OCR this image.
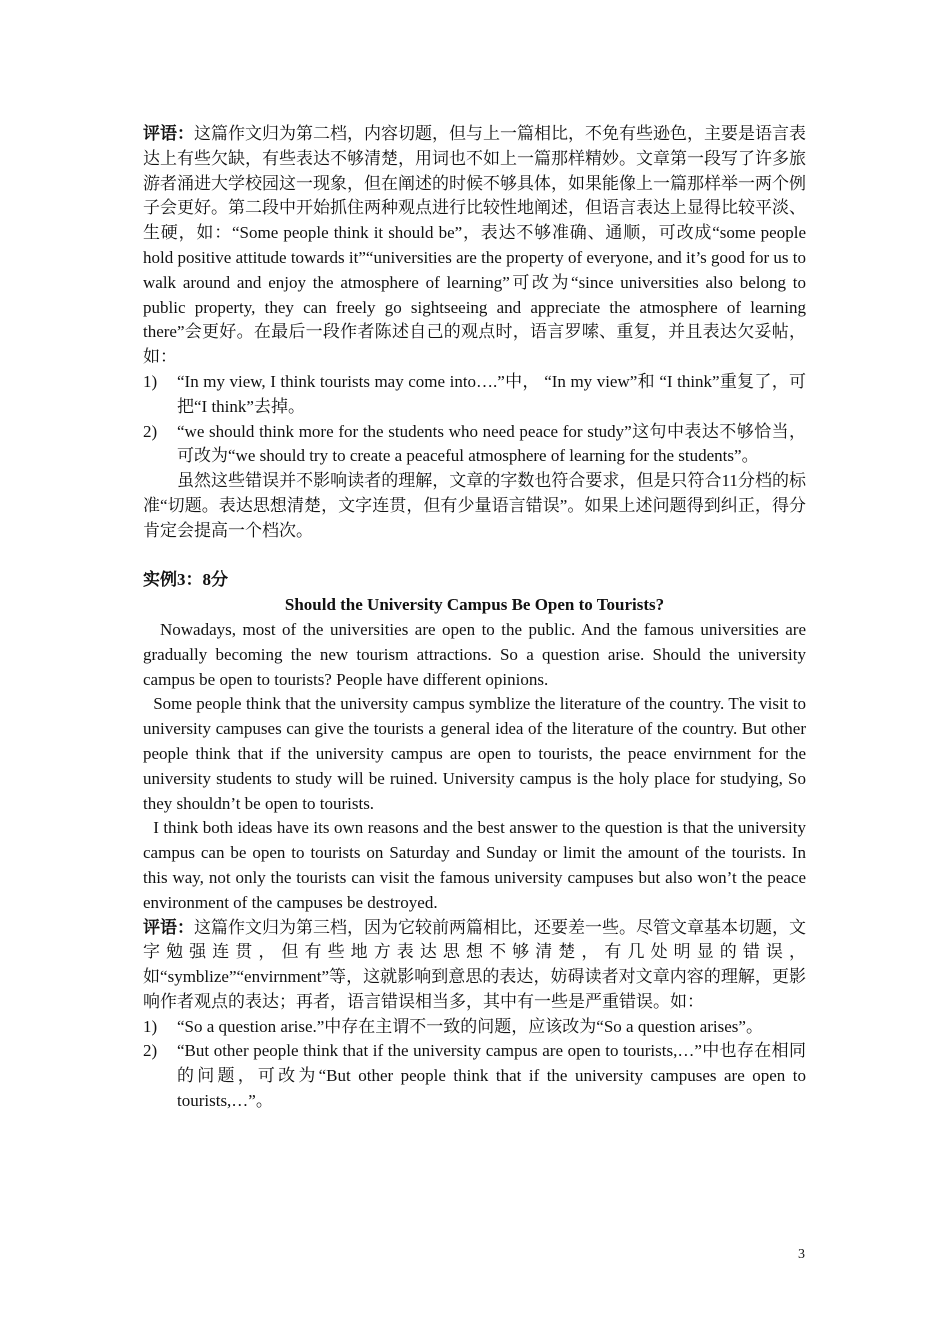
评语：这篇作文归为第二档，内容切题，但与上一篇相比，不免有些逊色，主要是语言表达上有些欠缺，有些表达不够清楚，用词也不如上一篇那样精妙。文章第一段写了许多旅游者涌进大学校园这一现象，但在阐述的时候不够具体，如果能像上一篇那样举一两个例子会更好。第二段中开始抓住两种观点进行比较性地阐述，但语言表达上显得比较平淡、生硬，如：“Some people think it should be”，表达不够准确、通顺，可改成“some people hold positive attitude towards it”“universities are the property of everyone, and it’s good for us to walk around and enjoy the atmosphere of learning”可改为“since universities also belong to public property, they can freely go sightseeing and appreciate the atmosphere of learning there”会更好。在最后一段作者陈述自己的观点时，语言罗嗦、重复，并且表达欠妥帖，如：

1) “In my view, I think tourists may come into….”中， “In my view”和 “I think”重复了，可把“I think”去掉。
2) “we should think more for the students who need peace for study”这句中表达不够恰当，可改为“we should try to create a peaceful atmosphere of learning for the students”。

虽然这些错误并不影响读者的理解，文章的字数也符合要求，但是只符合11分档的标准“切题。表达思想清楚，文字连贯，但有少量语言错误”。如果上述问题得到纠正，得分肯定会提高一个档次。

实例3：8分

Should the University Campus Be Open to Tourists?

Nowadays, most of the universities are open to the public. And the famous universities are gradually becoming the new tourism attractions. So a question arise. Should the university campus be open to tourists? People have different opinions.

Some people think that the university campus symblize the literature of the country. The visit to university campuses can give the tourists a general idea of the literature of the country. But other people think that if the university campus are open to tourists, the peace envirnment for the university students to study will be ruined. University campus is the holy place for studying, So they shouldn’t be open to tourists.

I think both ideas have its own reasons and the best answer to the question is that the university campus can be open to tourists on Saturday and Sunday or limit the amount of the tourists. In this way, not only the tourists can visit the famous university campuses but also won’t the peace environment of the campuses be destroyed.

评语：这篇作文归为第三档，因为它较前两篇相比，还要差一些。尽管文章基本切题，文字勉强连贯，但有些地方表达思想不够清楚，有几处明显的错误，如“symblize”“envirnment”等，这就影响到意思的表达，妨碍读者对文章内容的理解，更影响作者观点的表达；再者，语言错误相当多，其中有一些是严重错误。如：

1) “So a question arise.”中存在主谓不一致的问题，应该改为“So a question arises”。
2) “But other people think that if the university campus are open to tourists,…”中也存在相同的问题，可改为“But other people think that if the university campuses are open to tourists,…”。
3
